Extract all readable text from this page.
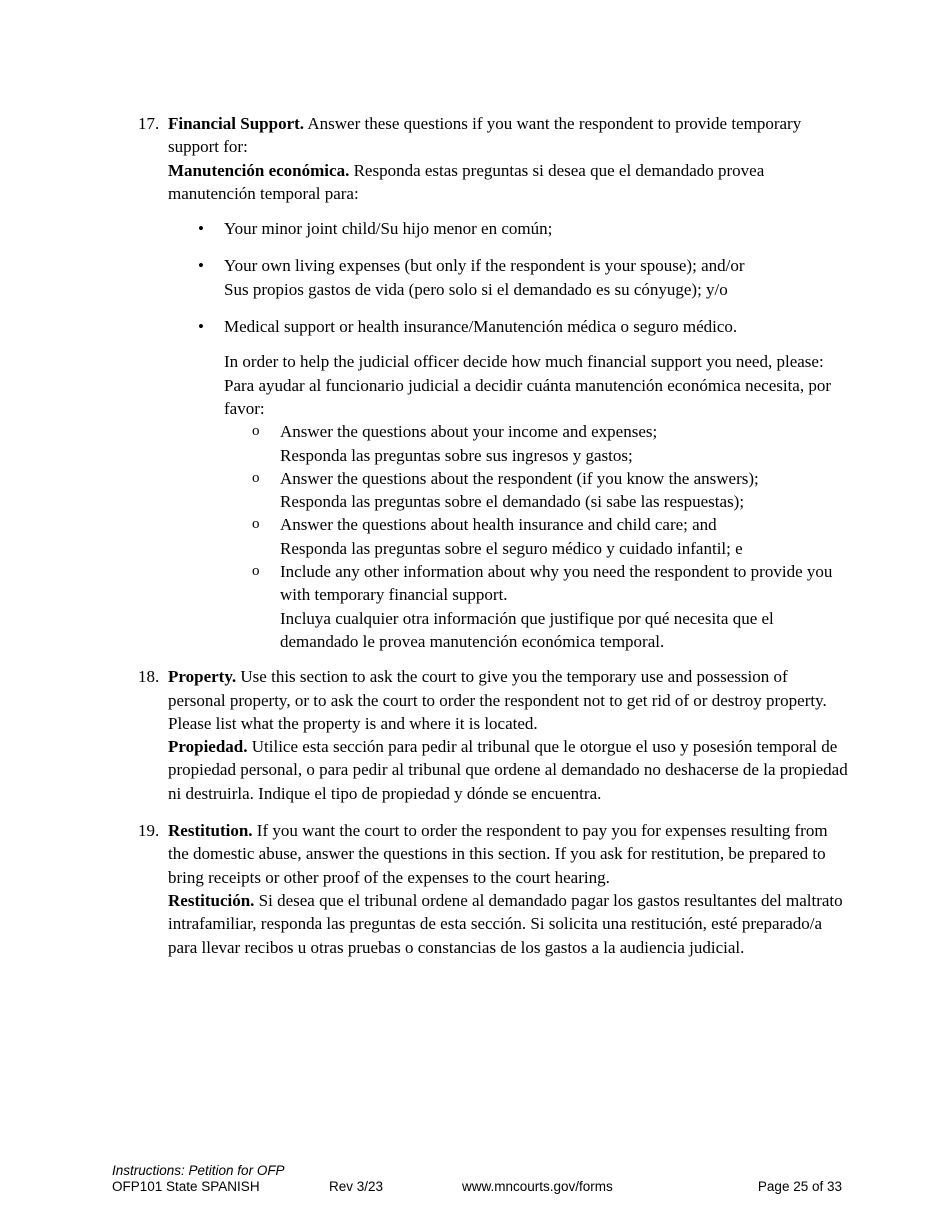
17. Financial Support. Answer these questions if you want the respondent to provide temporary support for:

Manutención económica. Responda estas preguntas si desea que el demandado provea manutención temporal para:

• Your minor joint child/Su hijo menor en común;
• Your own living expenses (but only if the respondent is your spouse); and/or
Sus propios gastos de vida (pero solo si el demandado es su cónyuge); y/o
• Medical support or health insurance/Manutención médica o seguro médico.

In order to help the judicial officer decide how much financial support you need, please:

Para ayudar al funcionario judicial a decidir cuánta manutención económica necesita, por favor:

o Answer the questions about your income and expenses;
Responda las preguntas sobre sus ingresos y gastos;
o Answer the questions about the respondent (if you know the answers);
Responda las preguntas sobre el demandado (si sabe las respuestas);
o Answer the questions about health insurance and child care; and
Responda las preguntas sobre el seguro médico y cuidado infantil; e
o Include any other information about why you need the respondent to provide you with temporary financial support.
Incluya cualquier otra información que justifique por qué necesita que el demandado le provea manutención económica temporal.
18. Property. Use this section to ask the court to give you the temporary use and possession of personal property, or to ask the court to order the respondent not to get rid of or destroy property. Please list what the property is and where it is located.

Propiedad. Utilice esta sección para pedir al tribunal que le otorgue el uso y posesión temporal de propiedad personal, o para pedir al tribunal que ordene al demandado no deshacerse de la propiedad ni destruirla. Indique el tipo de propiedad y dónde se encuentra.

19. Restitution. If you want the court to order the respondent to pay you for expenses resulting from the domestic abuse, answer the questions in this section. If you ask for restitution, be prepared to bring receipts or other proof of the expenses to the court hearing.

Restitución. Si desea que el tribunal ordene al demandado pagar los gastos resultantes del maltrato intrafamiliar, responda las preguntas de esta sección. Si solicita una restitución, esté preparado/a para llevar recibos u otras pruebas o constancias de los gastos a la audiencia judicial.

Instructions: Petition for OFP
OFP101 State SPANISH	Rev 3/23	www.mncourts.gov/forms	Page 25 of 33
